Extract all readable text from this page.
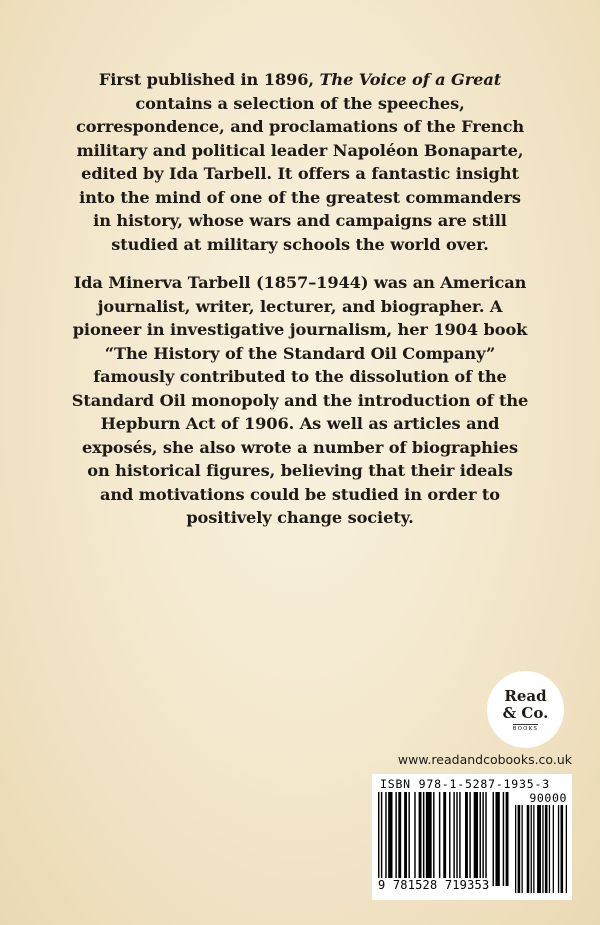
First published in 1896, The Voice of a Great contains a selection of the speeches, correspondence, and proclamations of the French military and political leader Napoléon Bonaparte, edited by Ida Tarbell. It offers a fantastic insight into the mind of one of the greatest commanders in history, whose wars and campaigns are still studied at military schools the world over.

Ida Minerva Tarbell (1857–1944) was an American journalist, writer, lecturer, and biographer. A pioneer in investigative journalism, her 1904 book “The History of the Standard Oil Company” famously contributed to the dissolution of the Standard Oil monopoly and the introduction of the Hepburn Act of 1906. As well as articles and exposés, she also wrote a number of biographies on historical figures, believing that their ideals and motivations could be studied in order to positively change society.

Read
& Co.
BOOKS
www.readandcobooks.co.uk
ISBN 978-1-5287-1935-3
90000
9 781528 719353
